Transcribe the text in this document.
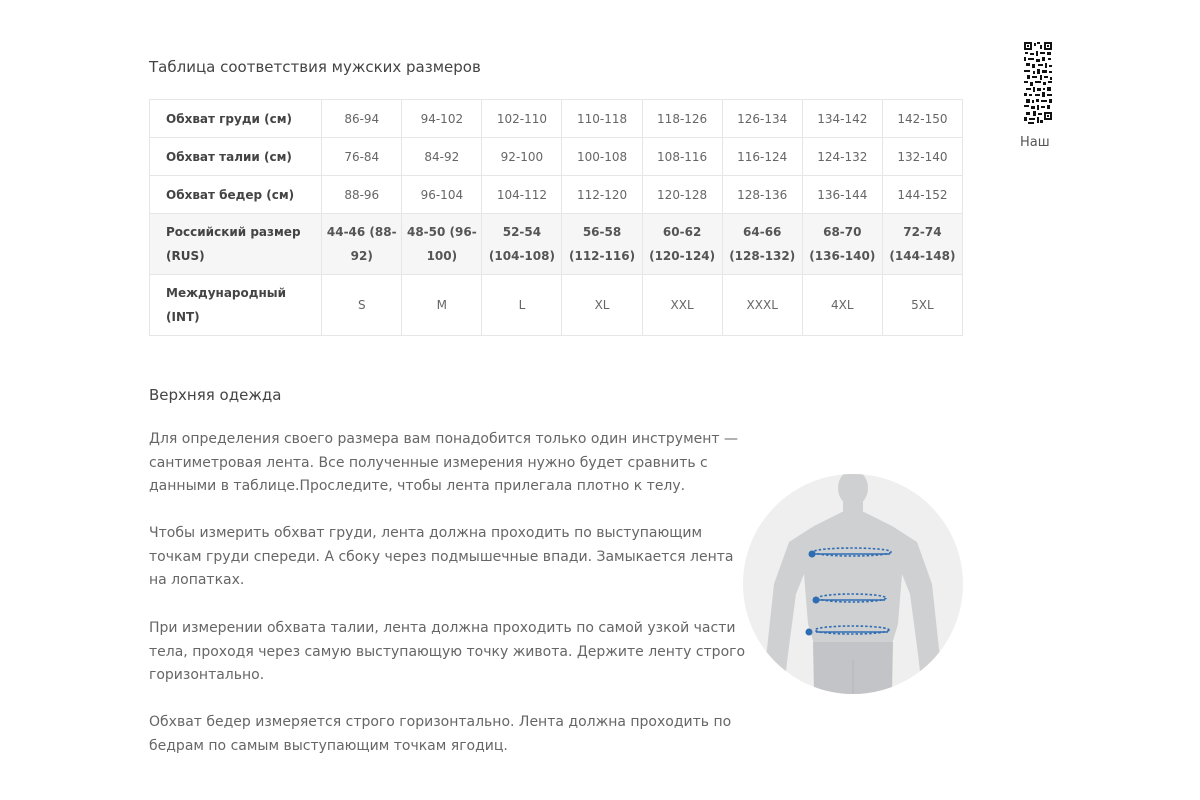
Таблица соответствия мужских размеров
Обхват груди (см)	86-94	94-102	102-110	110-118	118-126	126-134	134-142	142-150
Обхват талии (см)	76-84	84-92	92-100	100-108	108-116	116-124	124-132	132-140
Обхват бедер (см)	88-96	96-104	104-112	112-120	120-128	128-136	136-144	144-152
Российский размер (RUS)	44-46 (88-92)	48-50 (96-100)	52-54 (104-108)	56-58 (112-116)	60-62 (120-124)	64-66 (128-132)	68-70 (136-140)	72-74 (144-148)
Международный (INT)	S	M	L	XL	XXL	XXXL	4XL	5XL
Верхняя одежда

Для определения своего размера вам понадобится только один инструмент — сантиметровая лента. Все полученные измерения нужно будет сравнить с данными в таблице.Проследите, чтобы лента прилегала плотно к телу.

Чтобы измерить обхват груди, лента должна проходить по выступающим точкам груди спереди. А сбоку через подмышечные впади. Замыкается лента на лопатках.

При измерении обхвата талии, лента должна проходить по самой узкой части тела, проходя через самую выступающую точку живота. Держите ленту строго горизонтально.

Обхват бедер измеряется строго горизонтально. Лента должна проходить по бедрам по самым выступающим точкам ягодиц.

Наш
